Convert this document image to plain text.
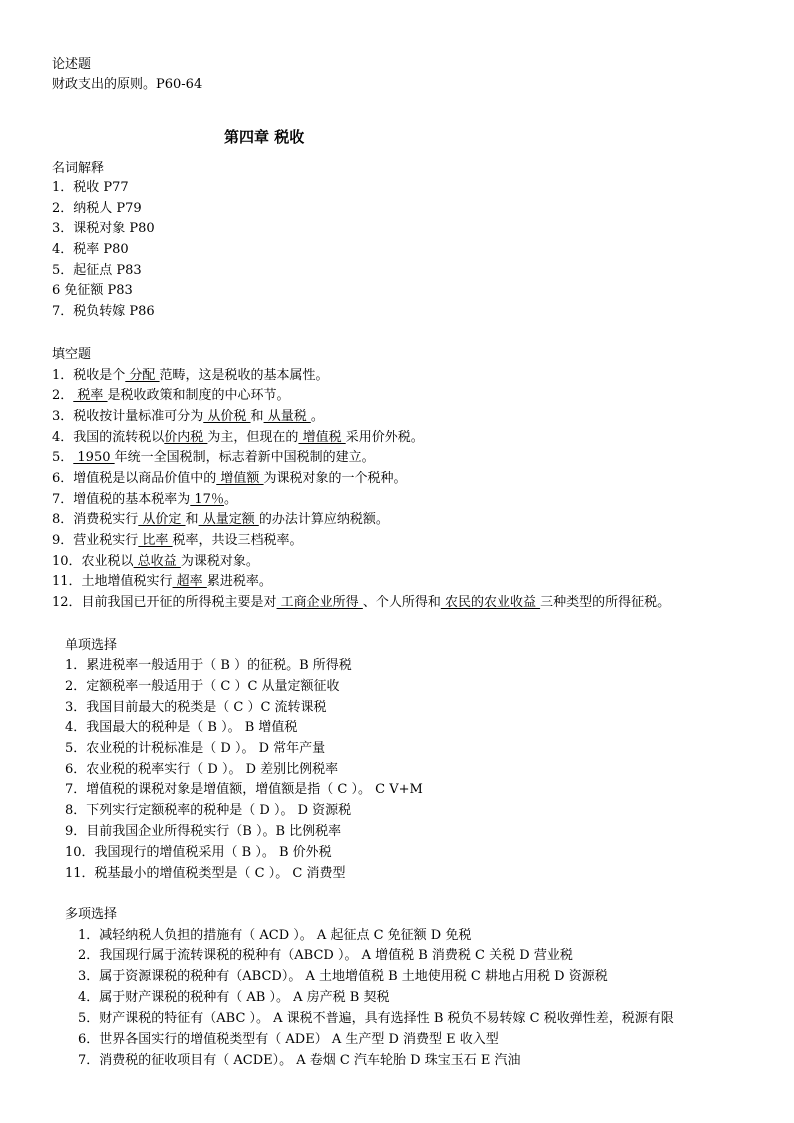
论述题
财政支出的原则。P60-64
第四章 税收
名词解释
1．税收 P77
2．纳税人 P79
3．课税对象 P80
4．税率 P80
5．起征点 P83
6 免征额 P83
7．税负转嫁 P86
填空题
1．税收是个 分配 范畴，这是税收的基本属性。
2． 税率 是税收政策和制度的中心环节。
3．税收按计量标准可分为 从价税 和 从量税 。
4．我国的流转税以价内税 为主，但现在的 增值税 采用价外税。
5． 1950 年统一全国税制，标志着新中国税制的建立。
6．增值税是以商品价值中的 增值额 为课税对象的一个税种。
7．增值税的基本税率为 17％。
8．消费税实行 从价定 和 从量定额 的办法计算应纳税额。
9．营业税实行 比率 税率，共设三档税率。
10．农业税以 总收益 为课税对象。
11．土地增值税实行 超率 累进税率。
12．目前我国已开征的所得税主要是对 工商企业所得 、个人所得和 农民的农业收益 三种类型的所得征税。
单项选择
1．累进税率一般适用于（ B ）的征税。B 所得税
2．定额税率一般适用于（ C ）C 从量定额征收
3．我国目前最大的税类是（ C ）C 流转课税
4．我国最大的税种是（ B ）。 B 增值税
5．农业税的计税标准是（ D ）。 D 常年产量
6．农业税的税率实行（ D ）。 D 差别比例税率
7．增值税的课税对象是增值额，增值额是指（ C ）。 C V+M
8．下列实行定额税率的税种是（ D ）。 D 资源税
9．目前我国企业所得税实行（B ）。B 比例税率
10．我国现行的增值税采用（ B ）。 B 价外税
11．税基最小的增值税类型是（ C ）。 C 消费型
多项选择
1．减轻纳税人负担的措施有（ ACD ）。 A 起征点 C 免征额 D 免税
2．我国现行属于流转课税的税种有（ABCD ）。 A 增值税 B 消费税 C 关税 D 营业税
3．属于资源课税的税种有（ABCD）。 A 土地增值税 B 土地使用税 C 耕地占用税 D 资源税
4．属于财产课税的税种有（ AB ）。 A 房产税 B 契税
5．财产课税的特征有（ABC ）。 A 课税不普遍，具有选择性 B 税负不易转嫁 C 税收弹性差，税源有限
6．世界各国实行的增值税类型有（ ADE） A 生产型 D 消费型 E 收入型
7．消费税的征收项目有（ ACDE）。 A 卷烟 C 汽车轮胎 D 珠宝玉石 E 汽油
